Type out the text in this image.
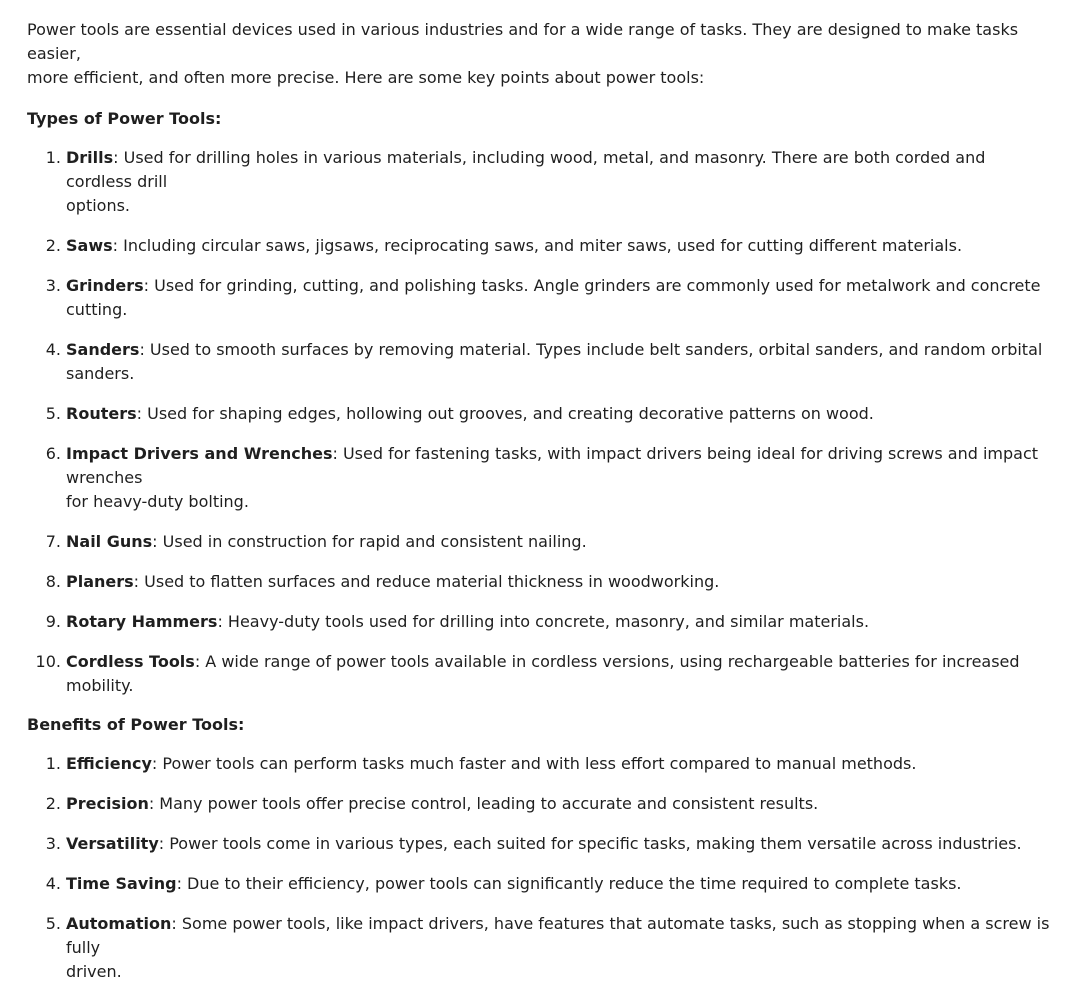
Power tools are essential devices used in various industries and for a wide range of tasks. They are designed to make tasks easier,
more efficient, and often more precise. Here are some key points about power tools:

Types of Power Tools:
1. Drills: Used for drilling holes in various materials, including wood, metal, and masonry. There are both corded and cordless drill
options.
2. Saws: Including circular saws, jigsaws, reciprocating saws, and miter saws, used for cutting different materials.
3. Grinders: Used for grinding, cutting, and polishing tasks. Angle grinders are commonly used for metalwork and concrete cutting.
4. Sanders: Used to smooth surfaces by removing material. Types include belt sanders, orbital sanders, and random orbital sanders.
5. Routers: Used for shaping edges, hollowing out grooves, and creating decorative patterns on wood.
6. Impact Drivers and Wrenches: Used for fastening tasks, with impact drivers being ideal for driving screws and impact wrenches
for heavy-duty bolting.
7. Nail Guns: Used in construction for rapid and consistent nailing.
8. Planers: Used to flatten surfaces and reduce material thickness in woodworking.
9. Rotary Hammers: Heavy-duty tools used for drilling into concrete, masonry, and similar materials.
10. Cordless Tools: A wide range of power tools available in cordless versions, using rechargeable batteries for increased mobility.
Benefits of Power Tools:
1. Efficiency: Power tools can perform tasks much faster and with less effort compared to manual methods.
2. Precision: Many power tools offer precise control, leading to accurate and consistent results.
3. Versatility: Power tools come in various types, each suited for specific tasks, making them versatile across industries.
4. Time Saving: Due to their efficiency, power tools can significantly reduce the time required to complete tasks.
5. Automation: Some power tools, like impact drivers, have features that automate tasks, such as stopping when a screw is fully
driven.
